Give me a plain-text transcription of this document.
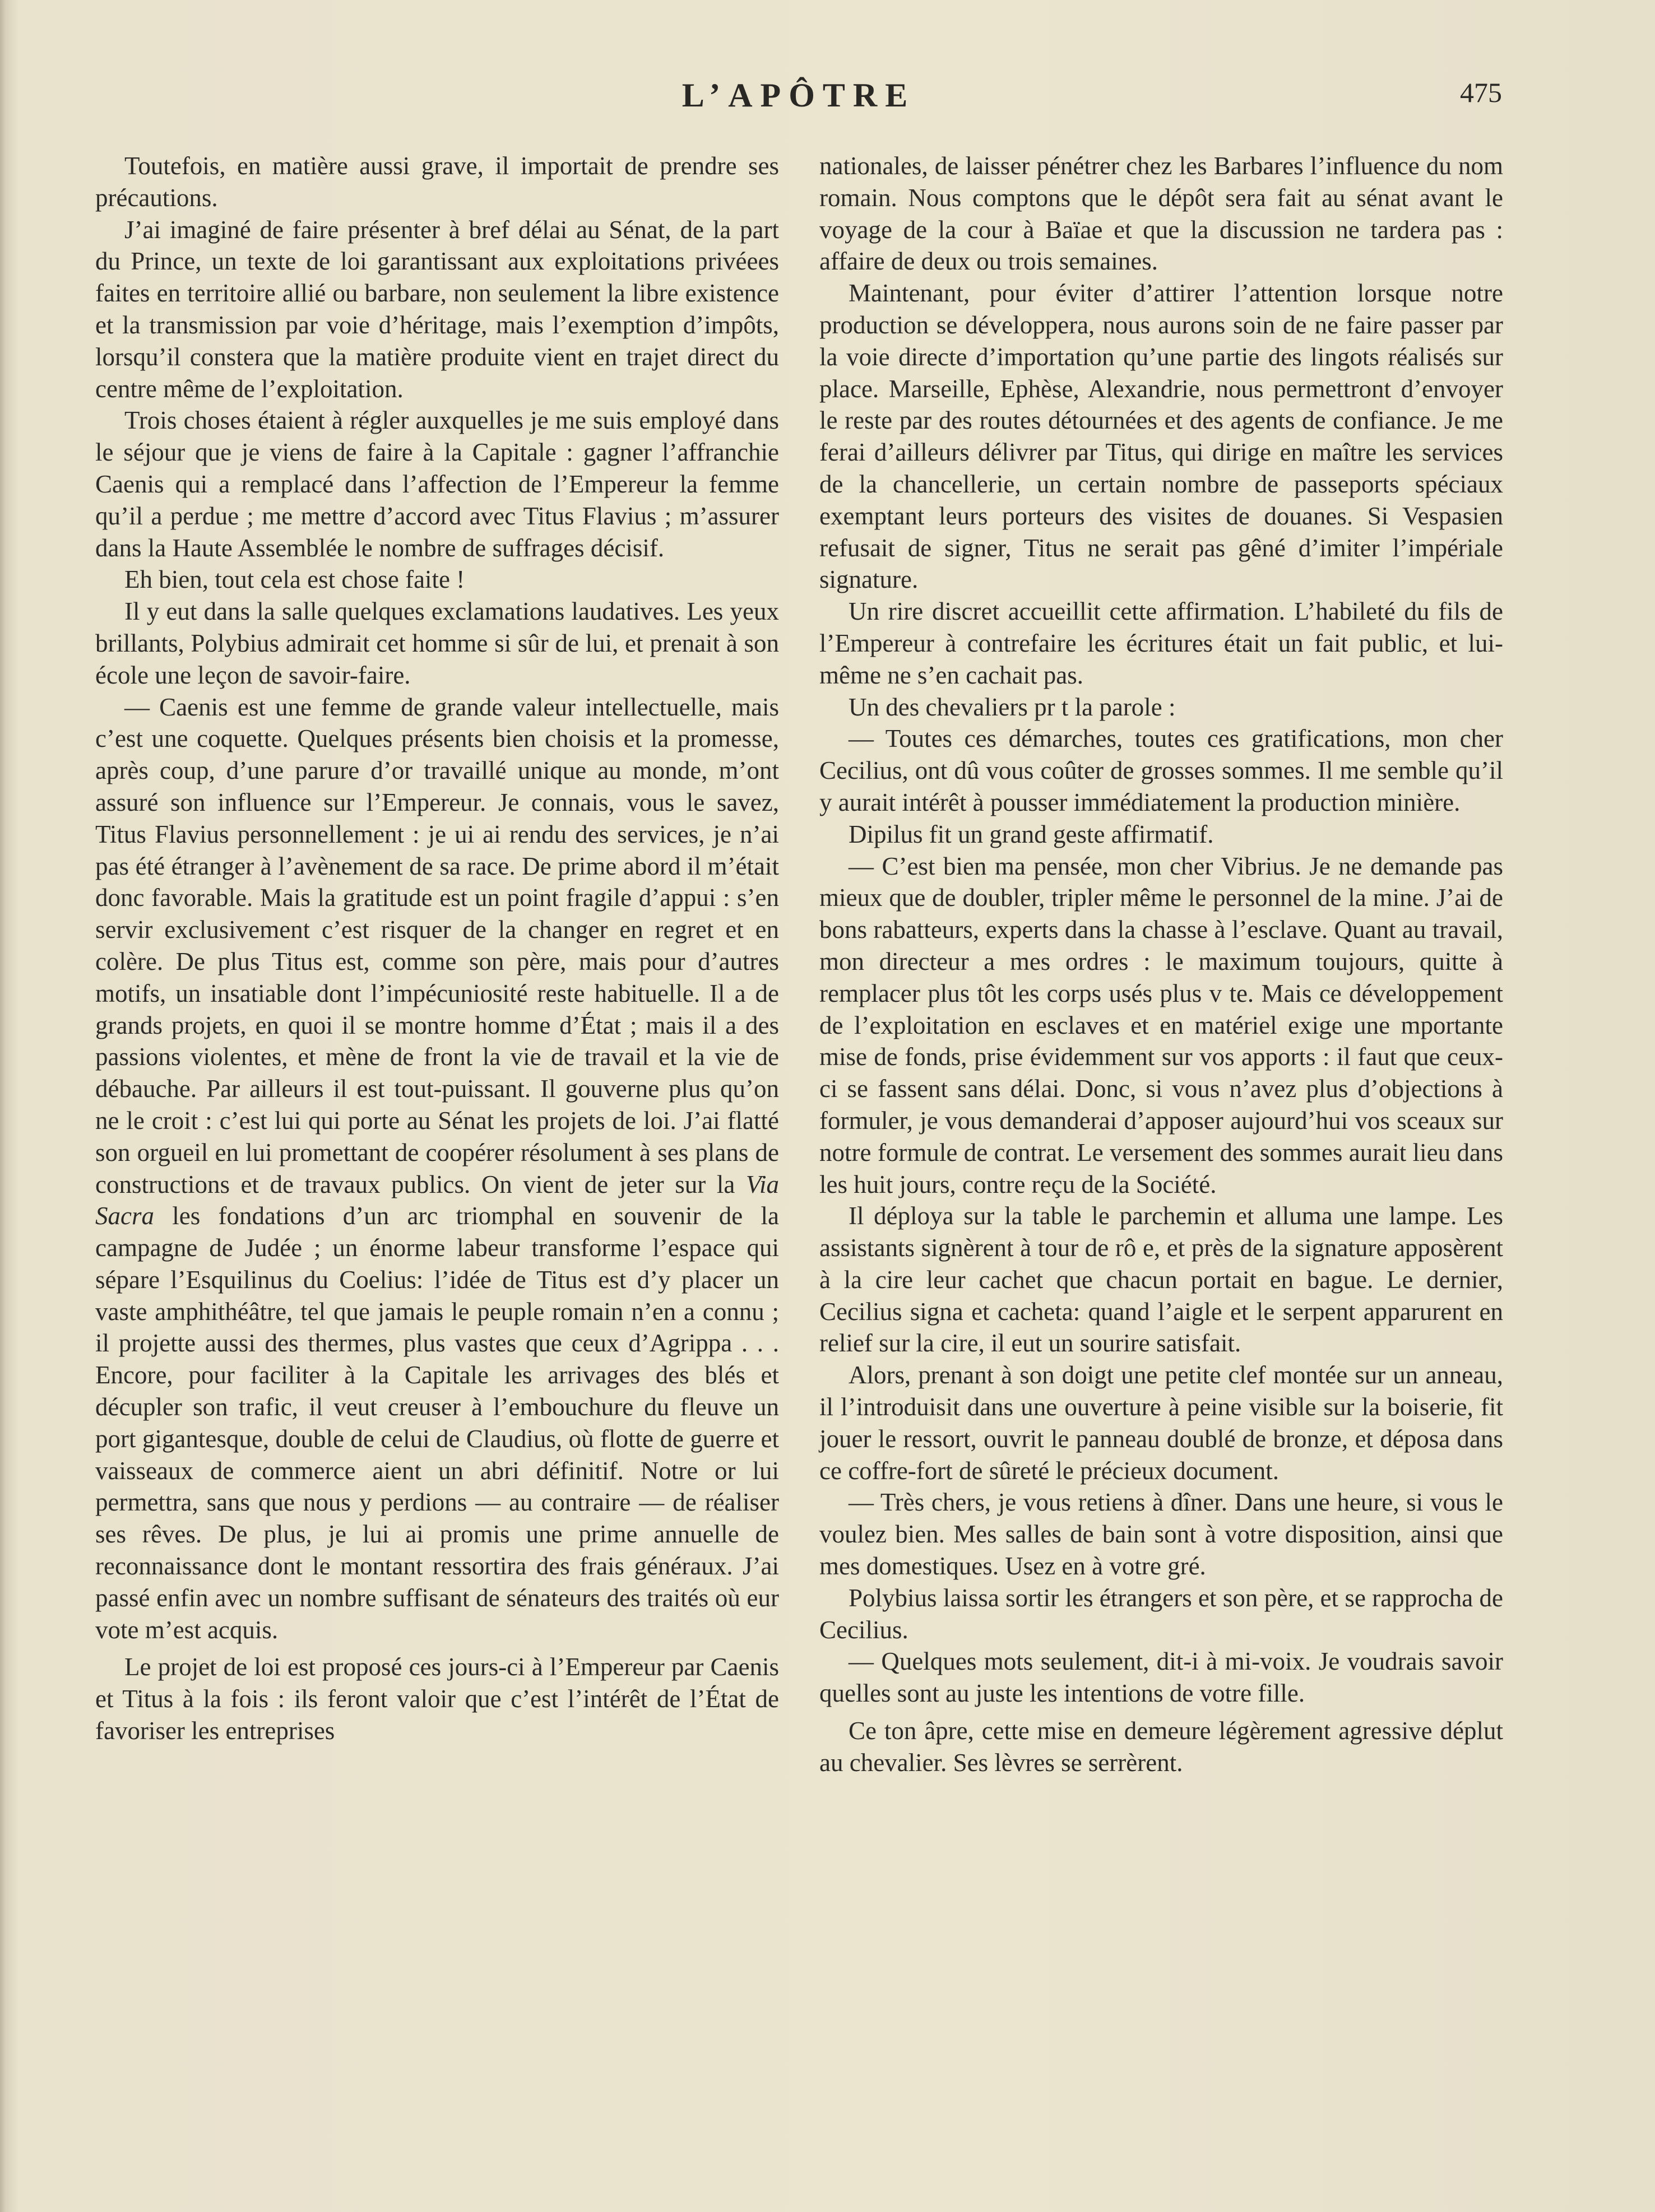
L’APÔTRE	475

Toutefois, en matière aussi grave, il importait de prendre ses précautions.

J’ai imaginé de faire présenter à bref délai au Sénat, de la part du Prince, un texte de loi garantissant aux exploitations privéees faites en territoire allié ou barbare, non seulement la libre existence et la transmission par voie d’héritage, mais l’exemption d’impôts, lorsqu’il constera que la matière produite vient en trajet direct du centre même de l’exploitation.

Trois choses étaient à régler auxquelles je me suis employé dans le séjour que je viens de faire à la Capitale : gagner l’affranchie Caenis qui a remplacé dans l’affection de l’Empereur la femme qu’il a perdue ; me mettre d’accord avec Titus Flavius ; m’assurer dans la Haute Assemblée le nombre de suffrages décisif.

Eh bien, tout cela est chose faite !

Il y eut dans la salle quelques exclamations laudatives. Les yeux brillants, Polybius admirait cet homme si sûr de lui, et prenait à son école une leçon de savoir-faire.

— Caenis est une femme de grande valeur intellectuelle, mais c’est une coquette. Quelques présents bien choisis et la promesse, après coup, d’une parure d’or travaillé unique au monde, m’ont assuré son influence sur l’Empereur. Je connais, vous le savez, Titus Flavius personnellement : je ui ai rendu des services, je n’ai pas été étranger à l’avènement de sa race. De prime abord il m’était donc favorable. Mais la gratitude est un point fragile d’appui : s’en servir exclusivement c’est risquer de la changer en regret et en colère. De plus Titus est, comme son père, mais pour d’autres motifs, un insatiable dont l’impécuniosité reste habituelle. Il a de grands projets, en quoi il se montre homme d’État ; mais il a des passions violentes, et mène de front la vie de travail et la vie de débauche. Par ailleurs il est tout-puissant. Il gouverne plus qu’on ne le croit : c’est lui qui porte au Sénat les projets de loi. J’ai flatté son orgueil en lui promettant de coopérer résolument à ses plans de constructions et de travaux publics. On vient de jeter sur la Via Sacra les fondations d’un arc triomphal en souvenir de la campagne de Judée ; un énorme labeur transforme l’espace qui sépare l’Esquilinus du Coelius: l’idée de Titus est d’y placer un vaste amphithéâtre, tel que jamais le peuple romain n’en a connu ; il projette aussi des thermes, plus vastes que ceux d’Agrippa . . . Encore, pour faciliter à la Capitale les arrivages des blés et décupler son trafic, il veut creuser à l’embouchure du fleuve un port gigantesque, double de celui de Claudius, où flotte de guerre et vaisseaux de commerce aient un abri définitif. Notre or lui permettra, sans que nous y perdions — au contraire — de réaliser ses rêves. De plus, je lui ai promis une prime annuelle de reconnaissance dont le montant ressortira des frais généraux. J’ai passé enfin avec un nombre suffisant de sénateurs des traités où eur vote m’est acquis.

Le projet de loi est proposé ces jours-ci à l’Empereur par Caenis et Titus à la fois : ils feront valoir que c’est l’intérêt de l’État de favoriser les entreprises

nationales, de laisser pénétrer chez les Barbares l’influence du nom romain. Nous comptons que le dépôt sera fait au sénat avant le voyage de la cour à Baïae et que la discussion ne tardera pas : affaire de deux ou trois semaines.

Maintenant, pour éviter d’attirer l’attention lorsque notre production se développera, nous aurons soin de ne faire passer par la voie directe d’importation qu’une partie des lingots réalisés sur place. Marseille, Ephèse, Alexandrie, nous permettront d’envoyer le reste par des routes détournées et des agents de confiance. Je me ferai d’ailleurs délivrer par Titus, qui dirige en maître les services de la chancellerie, un certain nombre de passeports spéciaux exemptant leurs porteurs des visites de douanes. Si Vespasien refusait de signer, Titus ne serait pas gêné d’imiter l’impériale signature.

Un rire discret accueillit cette affirmation. L’habileté du fils de l’Empereur à contrefaire les écritures était un fait public, et lui-même ne s’en cachait pas.

Un des chevaliers pr t la parole :

— Toutes ces démarches, toutes ces gratifications, mon cher Cecilius, ont dû vous coûter de grosses sommes. Il me semble qu’il y aurait intérêt à pousser immédiatement la production minière.

Dipilus fit un grand geste affirmatif.

— C’est bien ma pensée, mon cher Vibrius. Je ne demande pas mieux que de doubler, tripler même le personnel de la mine. J’ai de bons rabatteurs, experts dans la chasse à l’esclave. Quant au travail, mon directeur a mes ordres : le maximum toujours, quitte à remplacer plus tôt les corps usés plus v te. Mais ce développement de l’exploitation en esclaves et en matériel exige une mportante mise de fonds, prise évidemment sur vos apports : il faut que ceux-ci se fassent sans délai. Donc, si vous n’avez plus d’objections à formuler, je vous demanderai d’apposer aujourd’hui vos sceaux sur notre formule de contrat. Le versement des sommes aurait lieu dans les huit jours, contre reçu de la Société.

Il déploya sur la table le parchemin et alluma une lampe. Les assistants signèrent à tour de rô e, et près de la signature apposèrent à la cire leur cachet que chacun portait en bague. Le dernier, Cecilius signa et cacheta: quand l’aigle et le serpent apparurent en relief sur la cire, il eut un sourire satisfait.

Alors, prenant à son doigt une petite clef montée sur un anneau, il l’introduisit dans une ouverture à peine visible sur la boiserie, fit jouer le ressort, ouvrit le panneau doublé de bronze, et déposa dans ce coffre-fort de sûreté le précieux document.

— Très chers, je vous retiens à dîner. Dans une heure, si vous le voulez bien. Mes salles de bain sont à votre disposition, ainsi que mes domestiques. Usez en à votre gré.

Polybius laissa sortir les étrangers et son père, et se rapprocha de Cecilius.

— Quelques mots seulement, dit-i à mi-voix. Je voudrais savoir quelles sont au juste les intentions de votre fille.

Ce ton âpre, cette mise en demeure légèrement agressive déplut au chevalier. Ses lèvres se serrèrent.
